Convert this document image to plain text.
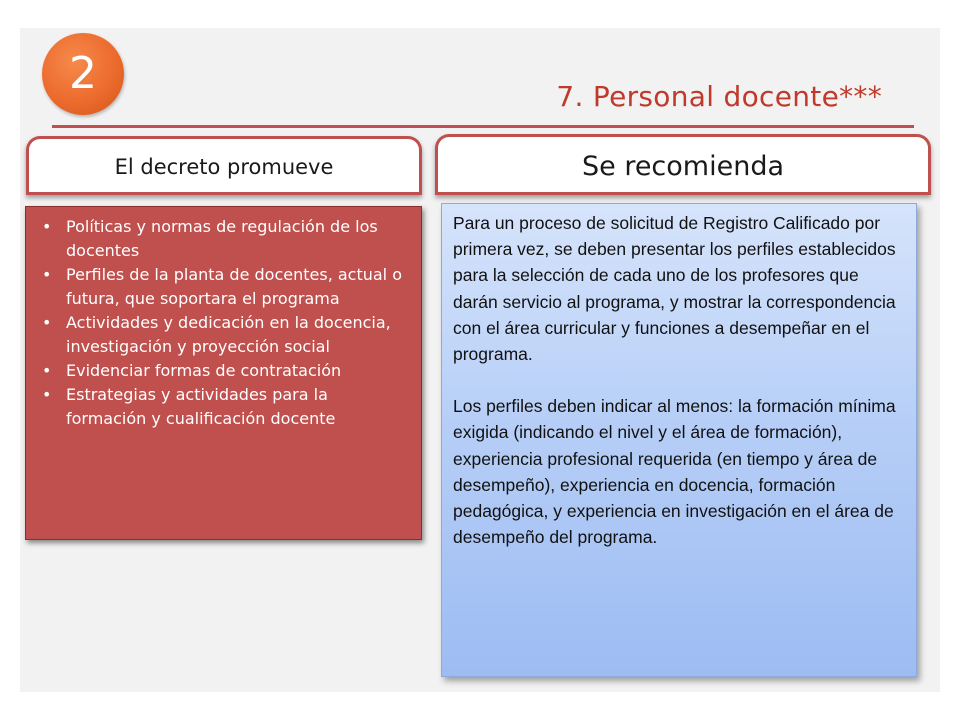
2	7. Personal docente***
El decreto promueve	Se recomienda
• Políticas y normas de regulación de los docentes
• Perfiles de la planta de docentes, actual o futura, que soportara el programa
• Actividades y dedicación en la docencia, investigación y proyección social
• Evidenciar formas de contratación
• Estrategias y actividades para la formación y cualificación docente

Para un proceso de solicitud de Registro Calificado por primera vez, se deben presentar los perfiles establecidos para la selección de cada uno de los profesores que darán servicio al programa, y mostrar la correspondencia con el área curricular y funciones a desempeñar en el programa.

Los perfiles deben indicar al menos: la formación mínima exigida (indicando el nivel y el área de formación), experiencia profesional requerida (en tiempo y área de desempeño), experiencia en docencia, formación pedagógica, y experiencia en investigación en el área de desempeño del programa.
